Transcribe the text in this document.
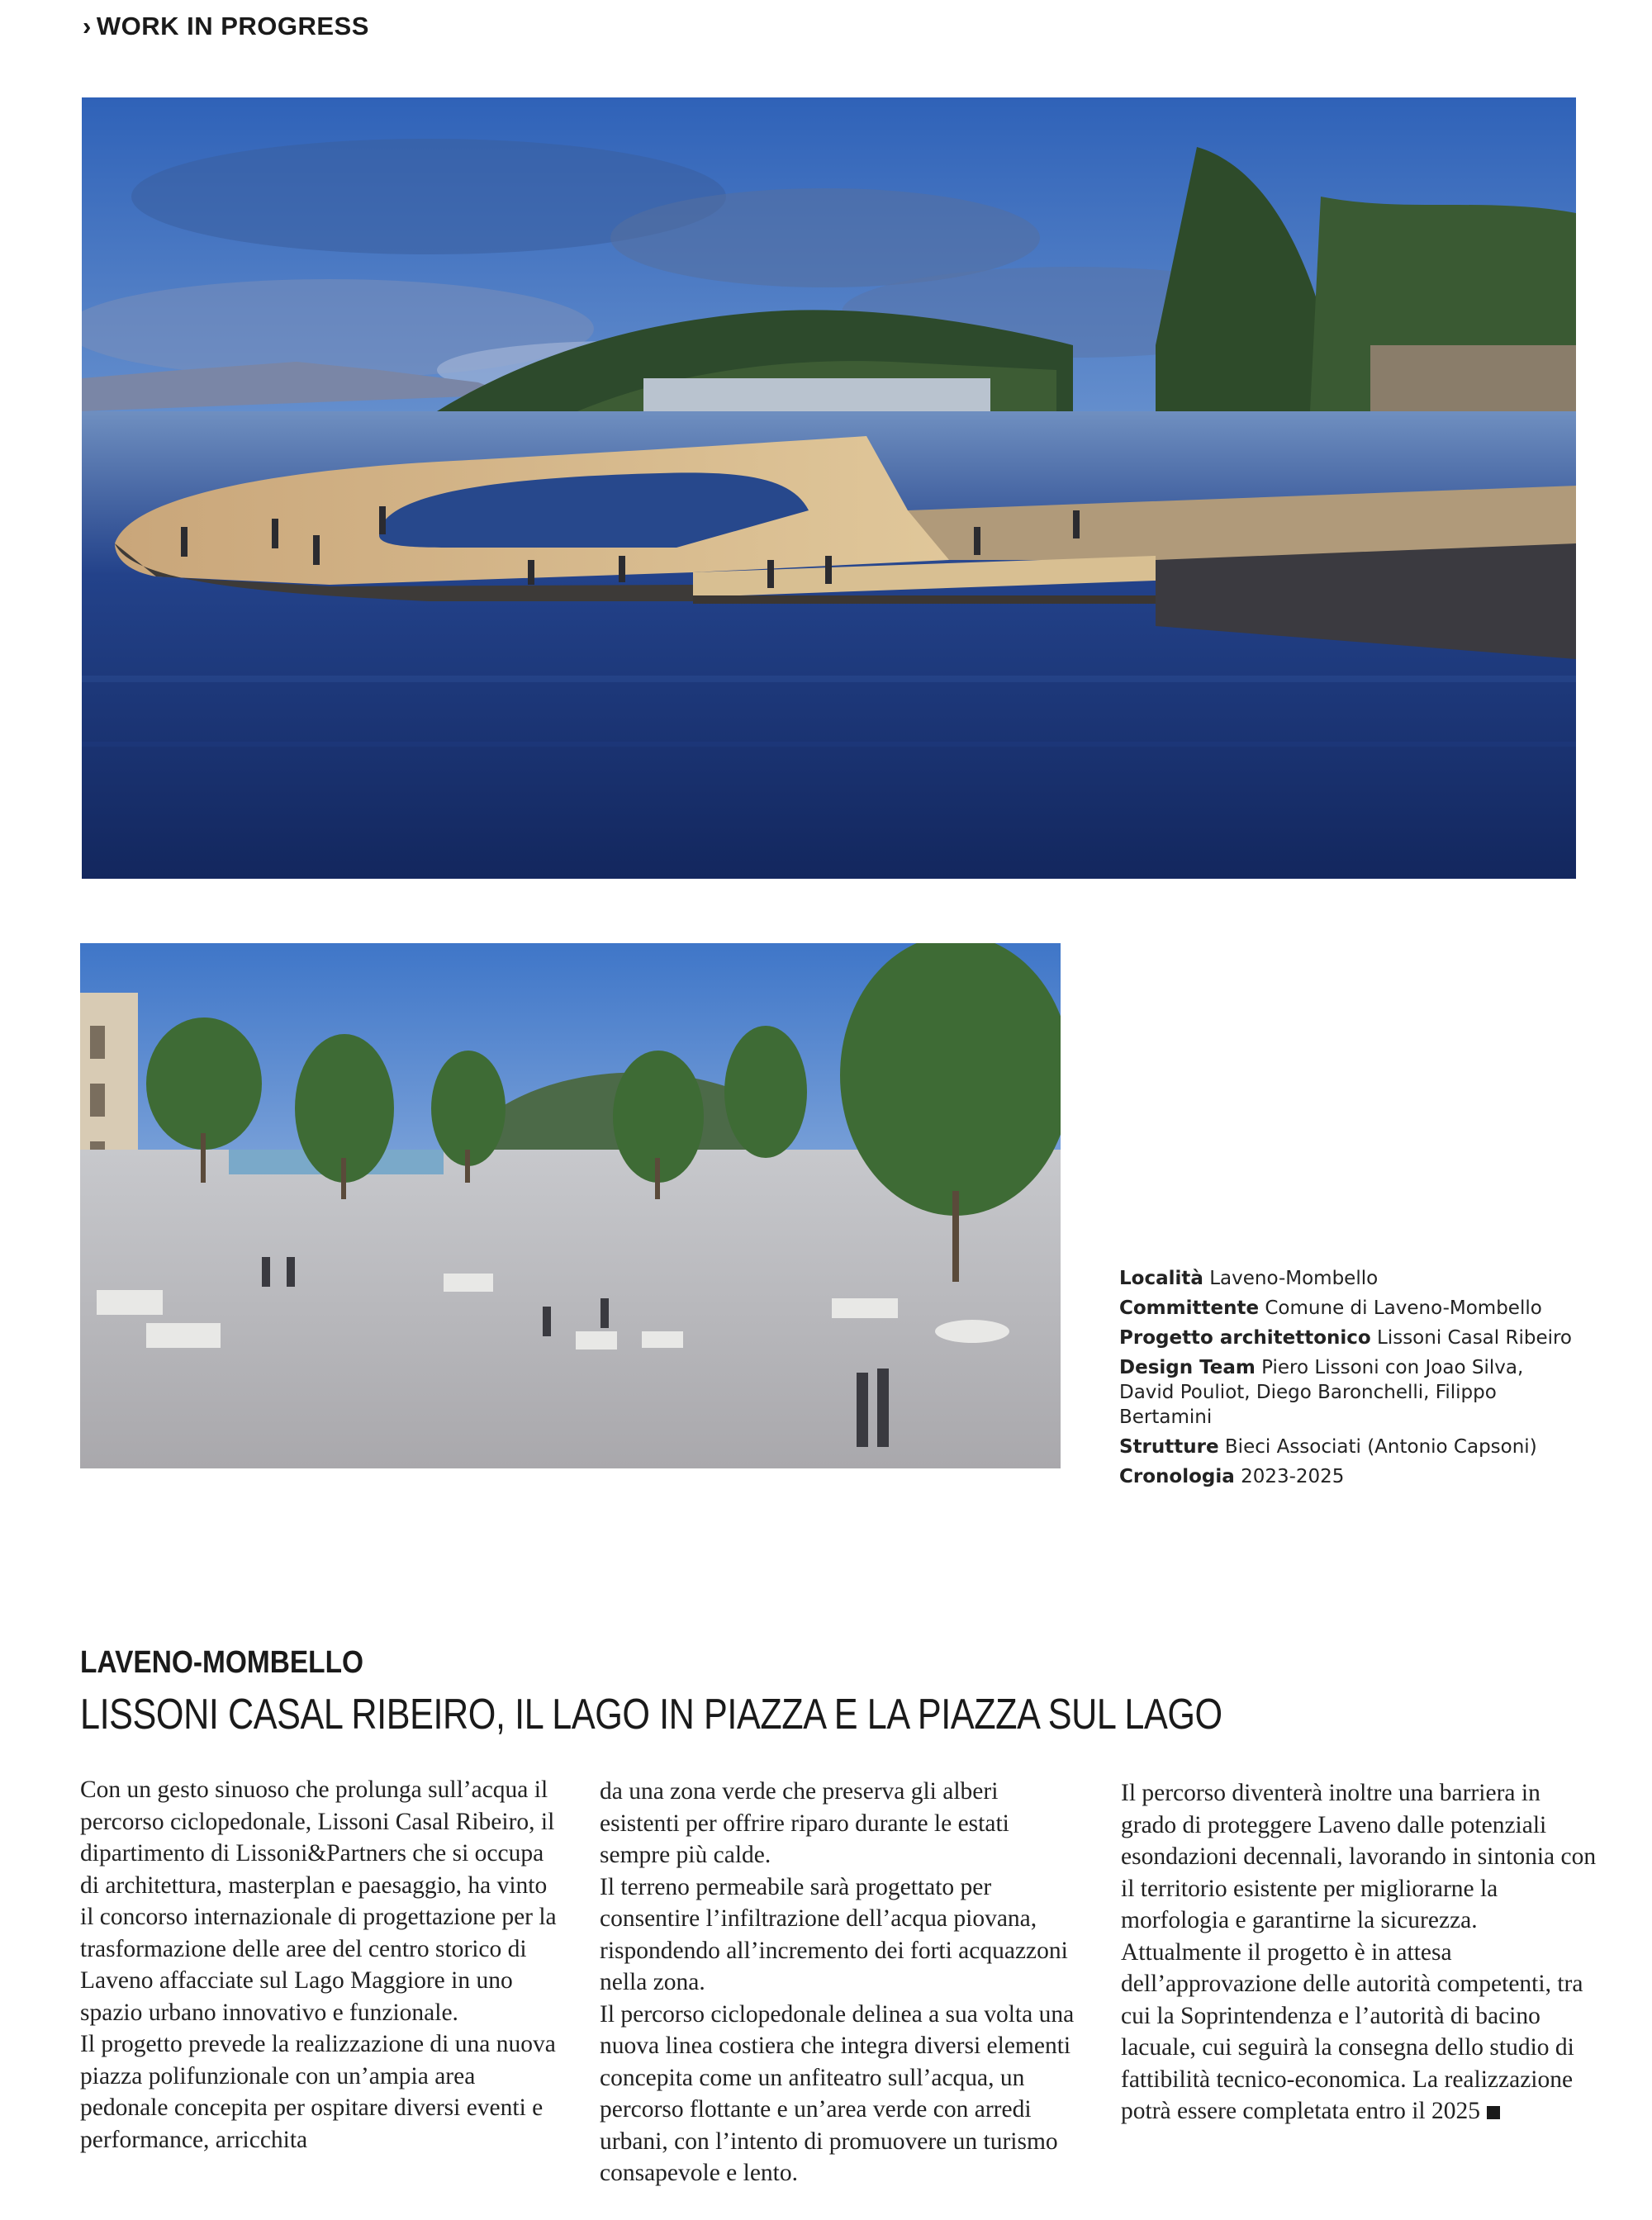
› WORK IN PROGRESS

Località Laveno-Mombello

Committente Comune di Laveno-Mombello

Progetto architettonico Lissoni Casal Ribeiro

Design Team Piero Lissoni con Joao Silva, David Pouliot, Diego Baronchelli, Filippo Bertamini

Strutture Bieci Associati (Antonio Capsoni)

Cronologia 2023-2025

LAVENO-MOMBELLO
LISSONI CASAL RIBEIRO, IL LAGO IN PIAZZA E LA PIAZZA SUL LAGO

Con un gesto sinuoso che prolunga sull’acqua il percorso ciclopedonale, Lissoni Casal Ribeiro, il dipartimento di Lissoni&Partners che si occupa di architettura, masterplan e paesaggio, ha vinto il concorso internazionale di progettazione per la trasformazione delle aree del centro storico di Laveno affacciate sul Lago Maggiore in uno spazio urbano innovativo e funzionale.

Il progetto prevede la realizzazione di una nuova piazza polifunzionale con un’ampia area pedonale concepita per ospitare diversi eventi e performance, arricchita

da una zona verde che preserva gli alberi esistenti per offrire riparo durante le estati sempre più calde.

Il terreno permeabile sarà progettato per consentire l’infiltrazione dell’acqua piovana, rispondendo all’incremento dei forti acquazzoni nella zona.

Il percorso ciclopedonale delinea a sua volta una nuova linea costiera che integra diversi elementi concepita come un anfiteatro sull’acqua, un percorso flottante e un’area verde con arredi urbani, con l’intento di promuovere un turismo consapevole e lento.

Il percorso diventerà inoltre una barriera in grado di proteggere Laveno dalle potenziali esondazioni decennali, lavorando in sintonia con il territorio esistente per migliorarne la morfologia e garantirne la sicurezza.

Attualmente il progetto è in attesa dell’approvazione delle autorità competenti, tra cui la Soprintendenza e l’autorità di bacino lacuale, cui seguirà la consegna dello studio di fattibilità tecnico-economica. La realizzazione potrà essere completata entro il 2025
